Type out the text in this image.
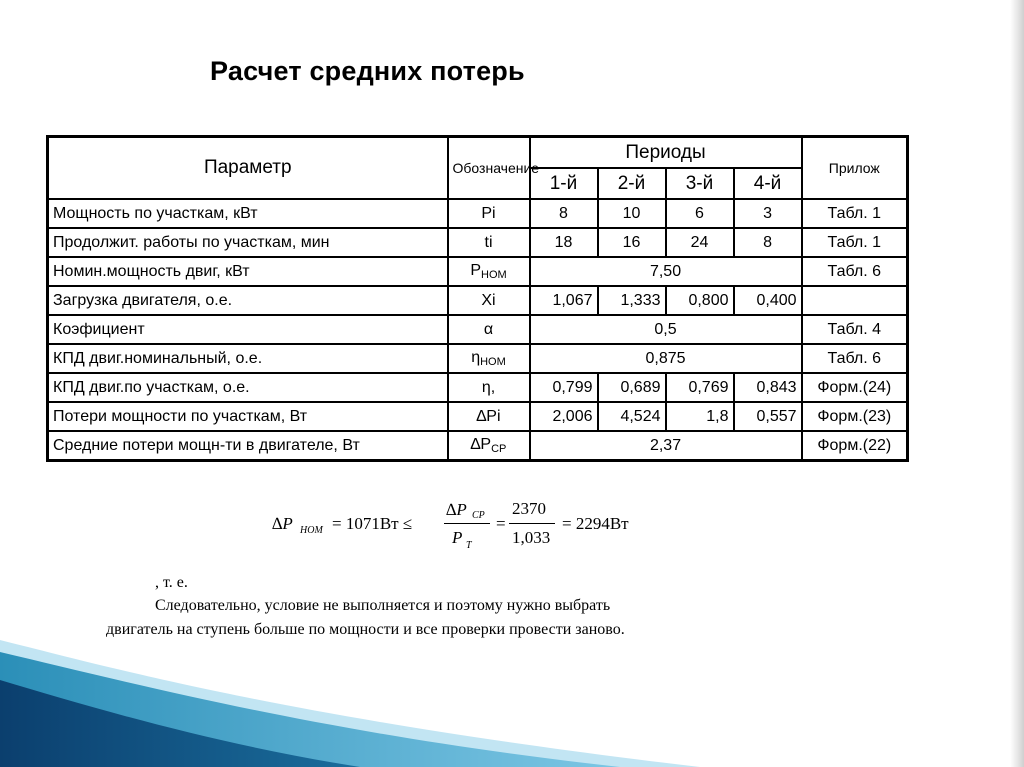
Расчет средних потерь
Параметр	Обозначение	Периоды				Прилож
		1-й	2-й	3-й	4-й	
Мощность по участкам, кВт	Pi	8	10	6	3	Табл. 1
Продолжит. работы по участкам, мин	ti	18	16	24	8	Табл. 1
Номин.мощность двиг, кВт	$P_{НОМ}$	7,50				Табл. 6
Загрузка двигателя, о.е.	Xi	1,067	1,333	0,800	0,400	
Коэфициент	α	0,5				Табл. 4
КПД двиг.номинальный, о.е.	$\eta_{НОМ}$	0,875				Табл. 6
КПД двиг.по участкам, о.е.	η,	0,799	0,689	0,769	0,843	Форм.(24)
Потери мощности по участкам, Вт	∆Pi	2,006	4,524	1,8	0,557	Форм.(23)
Средние потери мощн-ти в двигателе, Вт	$\Delta P_{СР}$	2,37				Форм.(22)
∆P НОМ = 1071Вт ≤
∆P CP
P T
=
2370
1,033
= 2294Вт

, т. е.

Следовательно, условие не выполняется и поэтому нужно выбрать

двигатель на ступень больше по мощности и все проверки провести заново.
